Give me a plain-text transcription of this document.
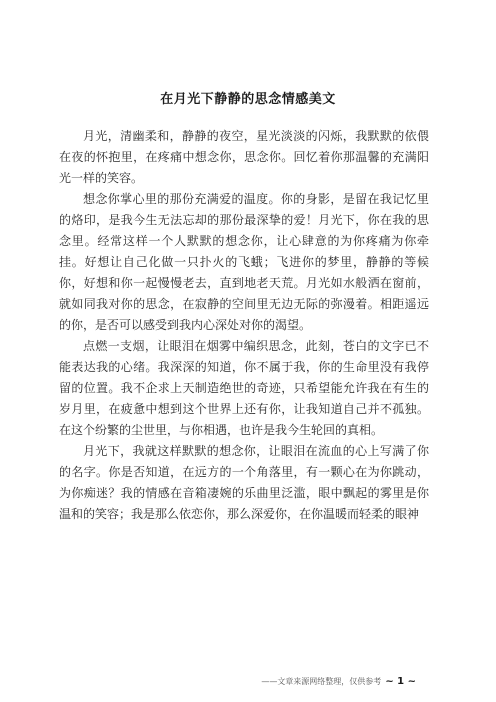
在月光下静静的思念情感美文

月光，清幽柔和，静静的夜空，星光淡淡的闪烁，我默默的依偎在夜的怀抱里，在疼痛中想念你，思念你。回忆着你那温馨的充满阳光一样的笑容。

想念你掌心里的那份充满爱的温度。你的身影，是留在我记忆里的烙印，是我今生无法忘却的那份最深挚的爱！月光下，你在我的思念里。经常这样一个人默默的想念你，让心肆意的为你疼痛为你牵挂。好想让自己化做一只扑火的飞蛾；飞进你的梦里，静静的等候你，好想和你一起慢慢老去，直到地老天荒。月光如水般洒在窗前，就如同我对你的思念，在寂静的空间里无边无际的弥漫着。相距遥远的你，是否可以感受到我内心深处对你的渴望。

点燃一支烟，让眼泪在烟雾中编织思念，此刻，苍白的文字已不能表达我的心绪。我深深的知道，你不属于我，你的生命里没有我停留的位置。我不企求上天制造绝世的奇迹，只希望能允许我在有生的岁月里，在疲惫中想到这个世界上还有你，让我知道自己并不孤独。在这个纷繁的尘世里，与你相遇，也许是我今生轮回的真相。

月光下，我就这样默默的想念你，让眼泪在流血的心上写满了你的名字。你是否知道，在远方的一个角落里，有一颗心在为你跳动，为你痴迷？我的情感在音箱凄婉的乐曲里泛滥，眼中飘起的雾里是你温和的笑容；我是那么依恋你，那么深爱你，在你温暖而轻柔的眼神

——文章来源网络整理，仅供参考 ~ 1 ~
